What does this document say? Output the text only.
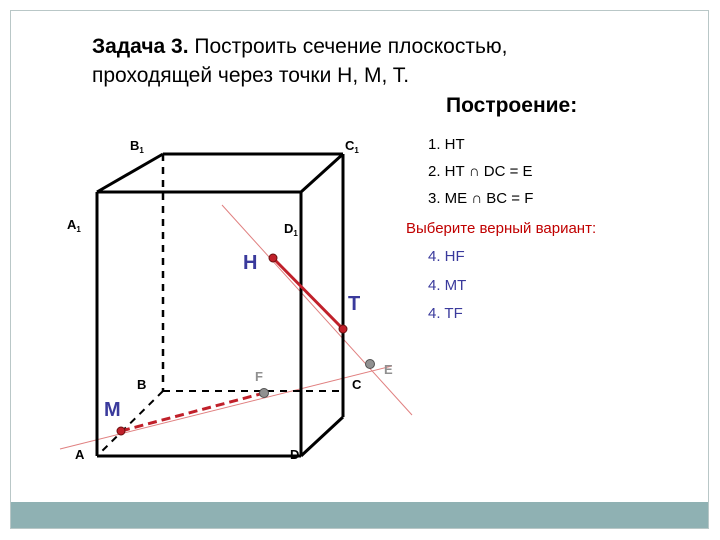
Задача 3. Построить сечение плоскостью,
проходящей через точки H, M, T.
Построение:
1. НТ
2. НТ ∩ DC = E
3. ME ∩ BC = F
Выберите верный вариант:
4. HF
4. MT
4. TF
$B_1$	$C_1$
$A_1$	$D_1$
B	C
A	D
H
T
M
F	E
